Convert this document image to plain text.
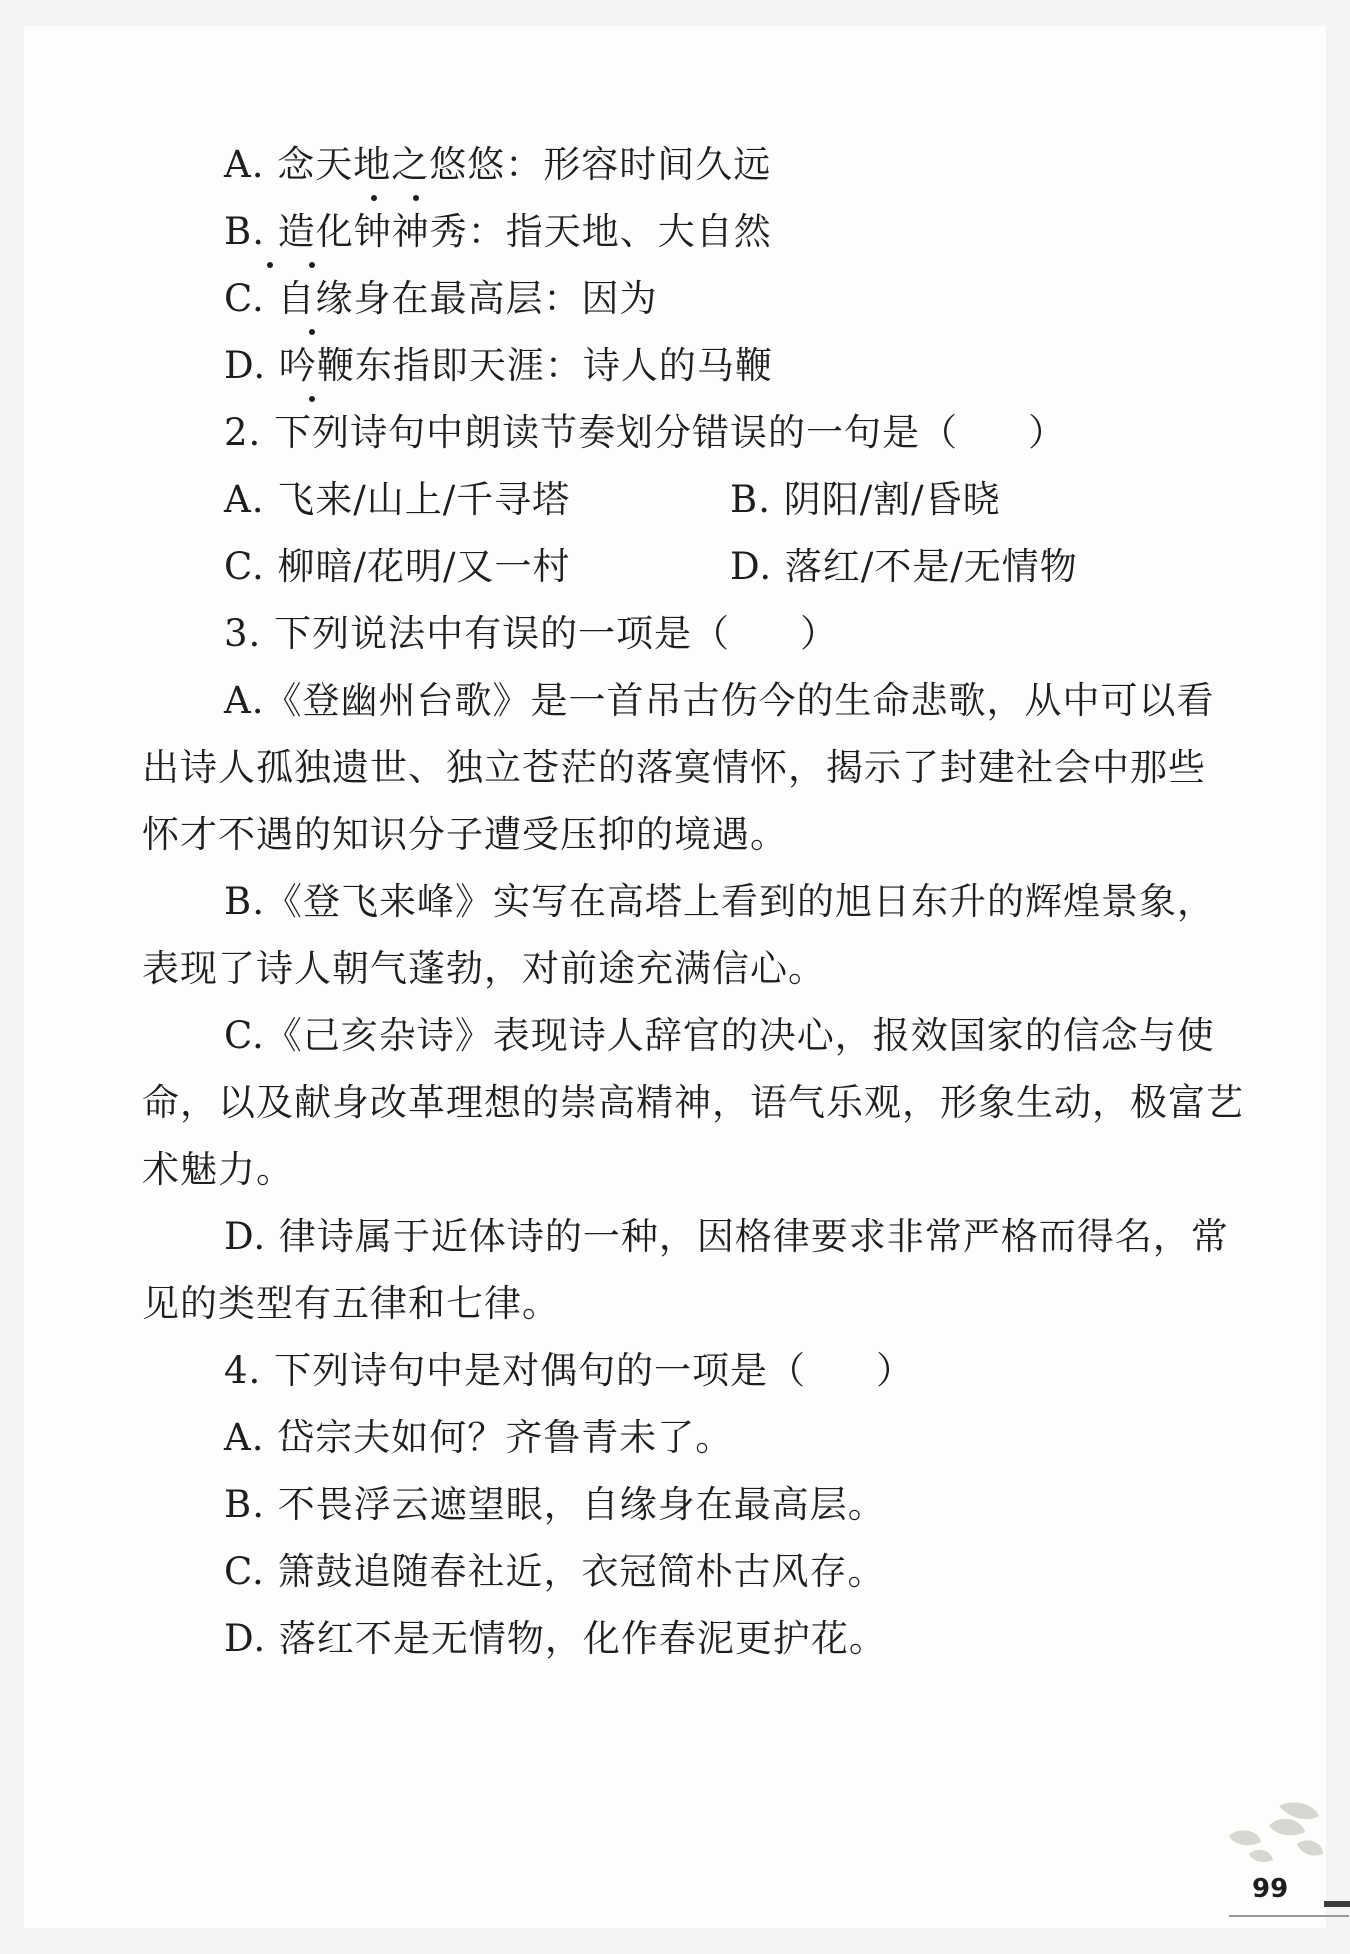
A. 念天地之悠悠：形容时间久远
B. 造化钟神秀：指天地、大自然
C. 自缘身在最高层：因为
D. 吟鞭东指即天涯：诗人的马鞭
2. 下列诗句中朗读节奏划分错误的一句是（ ）
A. 飞来/山上/千寻塔	B. 阴阳/割/昏晓
C. 柳暗/花明/又一村	D. 落红/不是/无情物
3. 下列说法中有误的一项是（ ）
A.《登幽州台歌》是一首吊古伤今的生命悲歌，从中可以看
出诗人孤独遗世、独立苍茫的落寞情怀，揭示了封建社会中那些
怀才不遇的知识分子遭受压抑的境遇。
B.《登飞来峰》实写在高塔上看到的旭日东升的辉煌景象，
表现了诗人朝气蓬勃，对前途充满信心。
C.《己亥杂诗》表现诗人辞官的决心，报效国家的信念与使
命，以及献身改革理想的崇高精神，语气乐观，形象生动，极富艺
术魅力。
D. 律诗属于近体诗的一种，因格律要求非常严格而得名，常
见的类型有五律和七律。
4. 下列诗句中是对偶句的一项是（ ）
A. 岱宗夫如何？齐鲁青未了。
B. 不畏浮云遮望眼，自缘身在最高层。
C. 箫鼓追随春社近，衣冠简朴古风存。
D. 落红不是无情物，化作春泥更护花。
99
